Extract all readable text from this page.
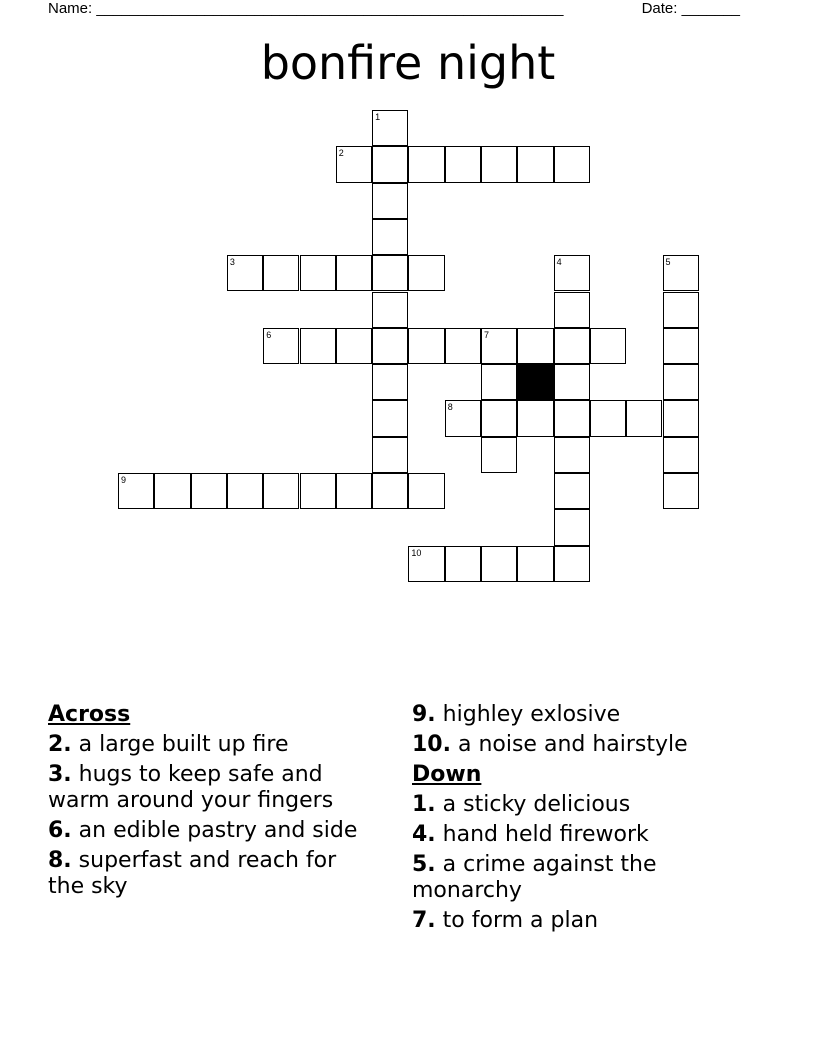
Name: ________________________________________________________	Date: _______
bonfire night
1
2
3	4	5
6	7
8
9
10
Across
2. a large built up fire
3. hugs to keep safe and warm around your fingers
6. an edible pastry and side
8. superfast and reach for the sky
9. highley exlosive
10. a noise and hairstyle
Down
1. a sticky delicious
4. hand held firework
5. a crime against the monarchy
7. to form a plan
